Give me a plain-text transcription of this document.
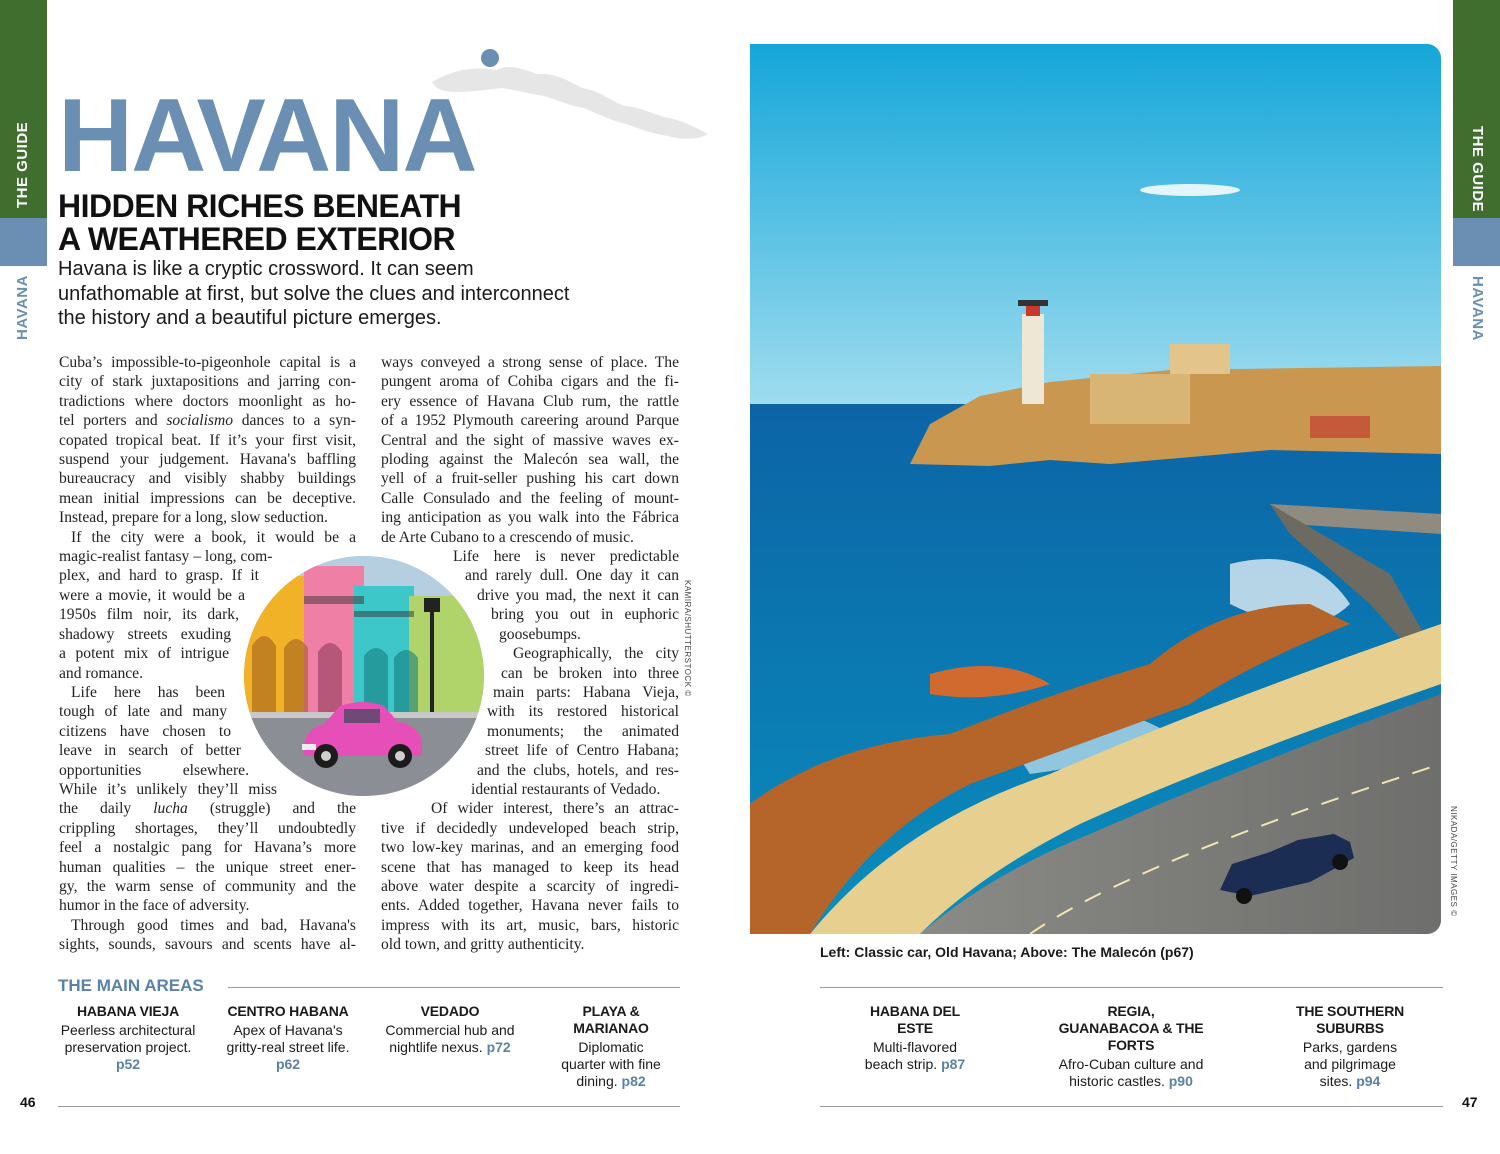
THE GUIDE
HAVANA
THE GUIDE
HAVANA
HAVANA
HIDDEN RICHES BENEATH
A WEATHERED EXTERIOR
Havana is like a cryptic crossword. It can seem unfathomable at first, but solve the clues and interconnect the history and a beautiful picture emerges.
Cuba’s impossible-to-pigeonhole capital is a
city of stark juxtapositions and jarring con-
tradictions where doctors moonlight as ho-
tel porters and socialismo dances to a syn-
copated tropical beat. If it’s your first visit,
suspend your judgement. Havana's baffling
bureaucracy and visibly shabby buildings
mean initial impressions can be deceptive.
Instead, prepare for a long, slow seduction.
If the city were a book, it would be a
magic-realist fantasy – long, com-
plex, and hard to grasp. If it
were a movie, it would be a
1950s film noir, its dark,
shadowy streets exuding
a potent mix of intrigue
and romance.
Life here has been
tough of late and many
citizens have chosen to
leave in search of better
opportunities elsewhere.
While it’s unlikely they’ll miss
the daily lucha (struggle) and the
crippling shortages, they’ll undoubtedly
feel a nostalgic pang for Havana’s more
human qualities – the unique street ener-
gy, the warm sense of community and the
humor in the face of adversity.
Through good times and bad, Havana's
sights, sounds, savours and scents have al-
ways conveyed a strong sense of place. The
pungent aroma of Cohiba cigars and the fi-
ery essence of Havana Club rum, the rattle
of a 1952 Plymouth careering around Parque
Central and the sight of massive waves ex-
ploding against the Malecón sea wall, the
yell of a fruit-seller pushing his cart down
Calle Consulado and the feeling of mount-
ing anticipation as you walk into the Fábrica
de Arte Cubano to a crescendo of music.
Life here is never predictable
and rarely dull. One day it can
drive you mad, the next it can
bring you out in euphoric
goosebumps.
Geographically, the city
can be broken into three
main parts: Habana Vieja,
with its restored historical
monuments; the animated
street life of Centro Habana;
and the clubs, hotels, and res-
idential restaurants of Vedado.
Of wider interest, there’s an attrac-
tive if decidedly undeveloped beach strip,
two low-key marinas, and an emerging food
scene that has managed to keep its head
above water despite a scarcity of ingredi-
ents. Added together, Havana never fails to
impress with its art, music, bars, historic
old town, and gritty authenticity.
KAMIRA/SHUTTERSTOCK ©
NIKADA/GETTY IMAGES ©
Left: Classic car, Old Havana; Above: The Malecón (p67)
THE MAIN AREAS
HABANA VIEJA
Peerless architectural preservation project. p52
CENTRO HABANA
Apex of Havana's gritty-real street life. p62
VEDADO
Commercial hub and nightlife nexus. p72
PLAYA & MARIANAO
Diplomatic quarter with fine dining. p82
HABANA DEL ESTE
Multi-flavored beach strip. p87
REGIA, GUANABACOA & THE FORTS
Afro-Cuban culture and historic castles. p90
THE SOUTHERN SUBURBS
Parks, gardens and pilgrimage sites. p94
46	47
